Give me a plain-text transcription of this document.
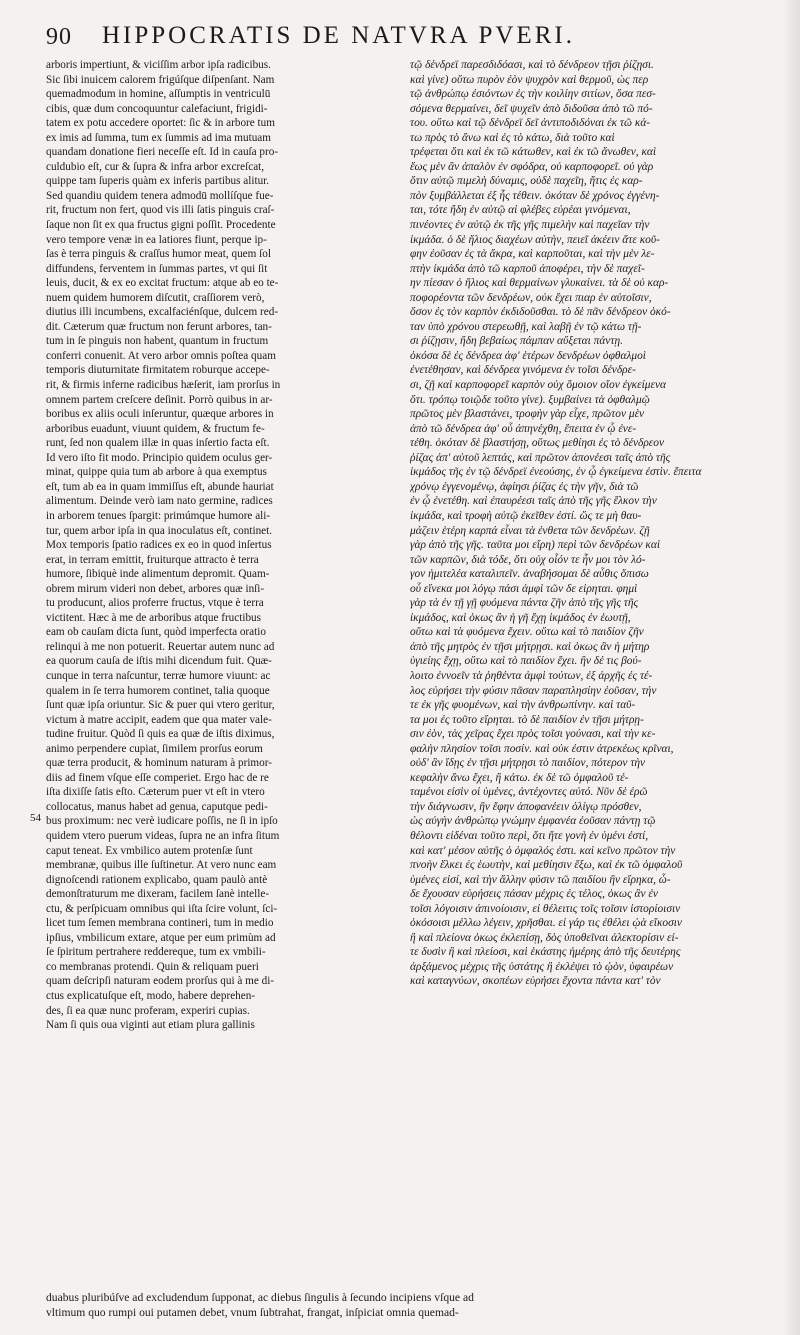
90 HIPPOCRATIS DE NATVRA PVERI.
arboris impertiunt, & viciſſim arbor ipſa radicibus.
Sic ſibi inuicem calorem frigúſque diſpenſant. Nam
quemadmodum in homine, aſſumptis in ventriculū
cibis, quæ dum concoquuntur calefaciunt, frigidi-
tatem ex potu accedere oportet: ſic & in arbore tum
ex imis ad ſumma, tum ex ſummis ad ima mutuam
quandam donatione fieri neceſſe eſt. Id in cauſa pro-
culdubio eſt, cur & ſupra & infra arbor excreſcat,
quippe tam ſuperis quàm ex inferis partibus alitur.
Sed quandiu quidem tenera admodū mollíſque fue-
rit, fructum non fert, quod vis illi ſatis pinguis craſ-
ſaque non ſit ex qua fructus gigni poſſit. Procedente
vero tempore venæ in ea latiores fiunt, perque ip-
ſas è terra pinguis & craſſus humor meat, quem ſol
diffundens, ferventem in ſummas partes, vt qui ſit
leuis, ducit, & ex eo excitat fructum: atque ab eo te-
nuem quidem humorem diſcutit, craſſiorem verò,
diutius illi incumbens, excalfaciénſque, dulcem red-
dit. Cæterum quæ fructum non ferunt arbores, tan-
tum in ſe pinguis non habent, quantum in fructum
conferri conuenit. At vero arbor omnis poſtea quam
temporis diuturnitate firmitatem roburque accepe-
rit, & firmis inferne radicibus hæſerit, iam prorſus in
omnem partem creſcere deſinit. Porrò quibus in ar-
boribus ex aliis oculi inſeruntur, quæque arbores in
arboribus euadunt, viuunt quidem, & fructum fe-
runt, ſed non qualem illæ in quas inſertio facta eſt.
Id vero iſto fit modo. Principio quidem oculus ger-
minat, quippe quia tum ab arbore à qua exemptus
eſt, tum ab ea in quam immiſſus eſt, abunde hauriat
alimentum. Deinde verò iam nato germine, radices
in arborem tenues ſpargit: primúmque humore ali-
tur, quem arbor ipſa in qua inoculatus eſt, continet.
Mox temporis ſpatio radices ex eo in quod inſertus
erat, in terram emittit, fruiturque attracto è terra
humore, ſibiquè inde alimentum depromit. Quam-
obrem mirum videri non debet, arbores quæ inſi-
tu producunt, alios proferre fructus, vtque è terra
victitent. Hæc à me de arboribus atque fructibus
eam ob cauſam dicta ſunt, quòd imperfecta oratio
relinqui à me non potuerit. Reuertar autem nunc ad
ea quorum cauſa de iſtis mihi dicendum fuit. Quæ-
cunque in terra naſcuntur, terræ humore viuunt: ac
qualem in ſe terra humorem continet, talia quoque
ſunt quæ ipſa oriuntur. Sic & puer qui vtero geritur,
victum à matre accipit, eadem que qua mater vale-
tudine fruitur. Quòd ſi quis ea quæ de iſtis diximus,
animo perpendere cupiat, ſimilem prorſus eorum
quæ terra producit, & hominum naturam à primor-
diis ad finem vſque eſſe comperiet. Ergo hac de re
iſta dixiſſe ſatis eſto. Cæterum puer vt eſt in vtero
collocatus, manus habet ad genua, caputque pedi-
bus proximum: nec verè iudicare poſſis, ne ſi in ipſo
quidem vtero puerum videas, ſupra ne an infra ſitum
caput teneat. Ex vmbilico autem protenſæ ſunt
membranæ, quibus ille ſuſtinetur. At vero nunc eam
dignoſcendi rationem explicabo, quam paulò antè
demonſtraturum me dixeram, facilem ſanè intelle-
ctu, & perſpicuam omnibus qui iſta ſcire volunt, ſci-
licet tum ſemen membrana contineri, tum in medio
ipſius, vmbilicum extare, atque per eum primùm ad
ſe ſpiritum pertrahere reddereque, tum ex vmbili-
co membranas protendi. Quin & reliquam pueri
quam deſcripſi naturam eodem prorſus qui à me di-
ctus explicatuſque eſt, modo, habere deprehen-
des, ſi ea quæ nunc proferam, experiri cupias.
Nam ſi quis oua viginti aut etiam plura gallinis
τῷ δένδρεϊ παρεσδιδόασι, καὶ τὸ δένδρεον τῇσι ῥίζῃσι.
καὶ γίνε) οὕτω πυρὸν ἐὸν ψυχρὸν καὶ θερμοῦ, ὡς περ
τῷ ἀνθρώπῳ ἐσιόντων ἐς τὴν κοιλίην σιτίων, ὅσα πεσ-
σόμενα θερμαίνει, δεῖ ψυχεῖν ἀπὸ διδοῦσα ἀπὸ τῶ πό-
του. οὕτω καὶ τῷ δένδρεϊ δεῖ ἀντιποδιδόναι ἐκ τῶ κά-
τω πρὸς τὸ ἄνω καὶ ἐς τὸ κάτω, διὰ τοῦτο καὶ
τρέφεται ὅτι καὶ ἐκ τῶ κάτωθεν, καὶ ἐκ τῶ ἄνωθεν, καὶ
ἕως μὲν ἂν ἁπαλὸν ἐν σφόδρα, οὐ καρποφορεῖ. οὐ γὰρ
ὅτιν αὐτῷ πιμελὴ δύναμις, οὐδὲ παχεῖη, ἥτις ἐς καρ-
πὸν ξυμβάλλεται ἐξ ἧς τέθειν. ὁκόταν δὲ χρόνος ἐγγένη-
ται, τότε ἤδη ἐν αὐτῷ αἱ φλέβες εὐρέαι γινόμεναι,
πινέοντες ἐν αὐτῷ ἐκ τῆς γῆς πιμελὴν καὶ παχεῖαν τὴν
ἰκμάδα. ὁ δὲ ἥλιος διαχέων αὐτὴν, πειεῖ ἀκέειν ἅτε κοῦ-
φην ἐοῦσαν ἐς τὰ ἄκρα, καὶ καρποῦται, καὶ τὴν μὲν λε-
πτὴν ἰκμάδα ἀπὸ τῶ καρποῦ ἀποφέρει, τὴν δὲ παχεῖ-
ην πίεσαν ὁ ἥλιος καὶ θερμαίνων γλυκαίνει. τὰ δὲ οὐ καρ-
ποφορέοντα τῶν δενδρέων, οὐκ ἔχει πιαρ ἐν αὐτοῖσιν,
ὅσον ἐς τὸν καρπὸν ἐκδιδοῦσθαι. τὸ δὲ πᾶν δένδρεον ὁκό-
ταν ὑπὸ χρόνου στερεωθῇ, καὶ λαβῇ ἐν τῷ κάτω τῇ-
σι ῥίζῃσιν, ἤδη βεβαίως πάμπαν αὔξεται πάντῃ.
ὁκόσα δὲ ἐς δένδρεα ἀφ' ἑτέρων δενδρέων ὀφθαλμοὶ
ἐνετέθησαν, καὶ δένδρεα γινόμενα ἐν τοῖσι δένδρε-
σι, ζῇ καὶ καρποφορεῖ καρπὸν οὐχ ὅμοιον οἵον ἐγκείμενα
ὅτι. τρόπῳ τοιῷδε τοῦτο γίνε). ξυμβαίνει τὰ ὀφθαλμῷ
πρῶτος μὲν βλαστάνει, τροφὴν γὰρ εἶχε, πρῶτον μὲν
ἀπὸ τῶ δένδρεα ἀφ' οὗ ἀπηνέχθη, ἔπειτα ἐν ᾧ ἐνε-
τέθη. ὁκόταν δὲ βλαστήσῃ, οὕτως μεθίησι ἐς τὸ δένδρεον
ῥίζας ἀπ' αὐτοῦ λεπτάς, καὶ πρῶτον ἀπονέεσι ταῖς ἀπὸ τῆς
ἰκμάδος τῆς ἐν τῷ δένδρεϊ ἐνεούσης, ἐν ᾧ ἐγκείμενα ἐστὶν. ἔπειτα
χρόνῳ ἐγγενομένῳ, ἀφίησι ῥίζας ἐς τὴν γῆν, διὰ τῶ
ἐν ᾧ ἐνετέθη. καὶ ἐπαυρέεσι ταῖς ἀπὸ τῆς γῆς ἕλκον τὴν
ἰκμάδα, καὶ τροφὴ αὐτῷ ἐκεῖθεν ἐστί. ὥς τε μὴ θαυ-
μάζειν ἑτέρη καρπά εἶναι τὰ ἐνθετα τῶν δενδρέων. ζῇ
γὰρ ἀπὸ τῆς γῆς. ταῦτα μοι εἴρη) περὶ τῶν δενδρέων καὶ
τῶν καρπῶν, διὰ τόδε, ὅτι οὐχ οἷόν τε ἦν μοι τὸν λό-
γον ἡμιτελέα καταλιπεῖν. ἀναβήσομαι δὲ αὖθις ὅπισω
οὗ εἵνεκα μοι λόγῳ πάσι ἀμφὶ τῶν δε εἰρηται. φημὶ
γὰρ τὰ ἐν τῇ γῇ φυόμενα πάντα ζῆν ἀπὸ τῆς γῆς τῆς
ἰκμάδος, καὶ ὁκως ἂν ἡ γῆ ἔχῃ ἰκμάδος ἐν ἑωυτῇ,
οὕτω καὶ τὰ φυόμενα ἔχειν. οὕτω καὶ τὸ παιδίον ζῆν
ἀπὸ τῆς μητρὸς ἐν τῇσι μήτρῃσι. καὶ ὁκως ἂν ἡ μήτηρ
ὑγιείης ἔχῃ, οὕτω καὶ τὸ παιδίον ἔχει. ἢν δέ τις βού-
λοιτο ἐννοεῖν τὰ ῥηθέντα ἀμφὶ τούτων, ἐξ ἀρχῆς ἐς τέ-
λος εὑρήσει τὴν φύσιν πᾶσαν παραπλησίην ἐοῦσαν, τήν
τε ἐκ γῆς φυομένων, καὶ τὴν ἀνθρωπίνην. καὶ ταῦ-
τα μοι ἐς τοῦτο εἴρηται. τὸ δὲ παιδίον ἐν τῇσι μήτρῃ-
σιν ἐὸν, τὰς χεῖρας ἔχει πρὸς τοῖσι γούνασι, καὶ τὴν κε-
φαλὴν πλησίον τοῖσι ποσίν. καὶ οὐκ ἐστιν ἀτρεκέως κρῖναι,
οὐδ' ἂν ἴδῃς ἐν τῇσι μήτρῃσι τὸ παιδίον, πότερον τὴν
κεφαλὴν ἄνω ἔχει, ἢ κάτω. ἐκ δὲ τῶ ὀμφαλοῦ τέ-
ταμένοι εἰσὶν οἱ ὑμένες, ἀντέχοντες αὐτό. Νῦν δὲ ἐρῶ
τὴν διάγνωσιν, ἣν ἔφην ἀποφανέειν ὀλίγῳ πρόσθεν,
ὡς αὐγὴν ἀνθρώπῳ γνώμην ἐμφανέα ἐοῦσαν πάντῃ τῷ
θέλοντι εἰδέναι τοῦτο περὶ, ὅτι ἥτε γονὴ ἐν ὑμένι ἐστί,
καὶ κατ' μέσον αὐτῆς ὁ ὀμφαλός ἐστι. καὶ κεῖνο πρῶτον τὴν
πνοὴν ἕλκει ἐς ἑωυτὴν, καὶ μεθίησιν ἔξω, καὶ ἐκ τῶ ὀμφαλοῦ
ὑμένες εἰσί, καὶ τὴν ἄλλην φύσιν τῶ παιδίου ἣν εἴρηκα, ὧ-
δε ἔχουσαν εὑρήσεις πάσαν μέχρις ἐς τέλος, ὁκως ἂν ἐν
τοῖσι λόγοισιν ἀπινοίοισιν, εἰ θέλειτις τοῖς τοῖσιν ἱστορίοισιν
ὁκόσοισι μέλλω λέγειν, χρῆσθαι. εἰ γάρ τις ἐθέλει ᾠὰ εἴκοσιν
ἢ καὶ πλείονα ὁκως ἐκλεπίσῃ, δὸς ὑποθεῖναι ἀλεκτορίσιν εἰ-
τε δυσὶν ἢ καὶ πλείοσι, καὶ ἑκάστης ἡμέρης ἀπὸ τῆς δευτέρης
ἀρξάμενος μέχρις τῆς ὑστάτης ἢ ἐκλέψει τὸ ᾠὸν, ὑφαιρέων
καὶ καταγνύων, σκοπέων εὑρήσει ἔχοντα πάντα κατ' τὸν
54
duabus pluribúſve ad excludendum ſupponat, ac diebus ſingulis à ſecundo incipiens vſque ad
vltimum quo rumpi oui putamen debet, vnum ſubtrahat, frangat, inſpiciat omnia quemad-
